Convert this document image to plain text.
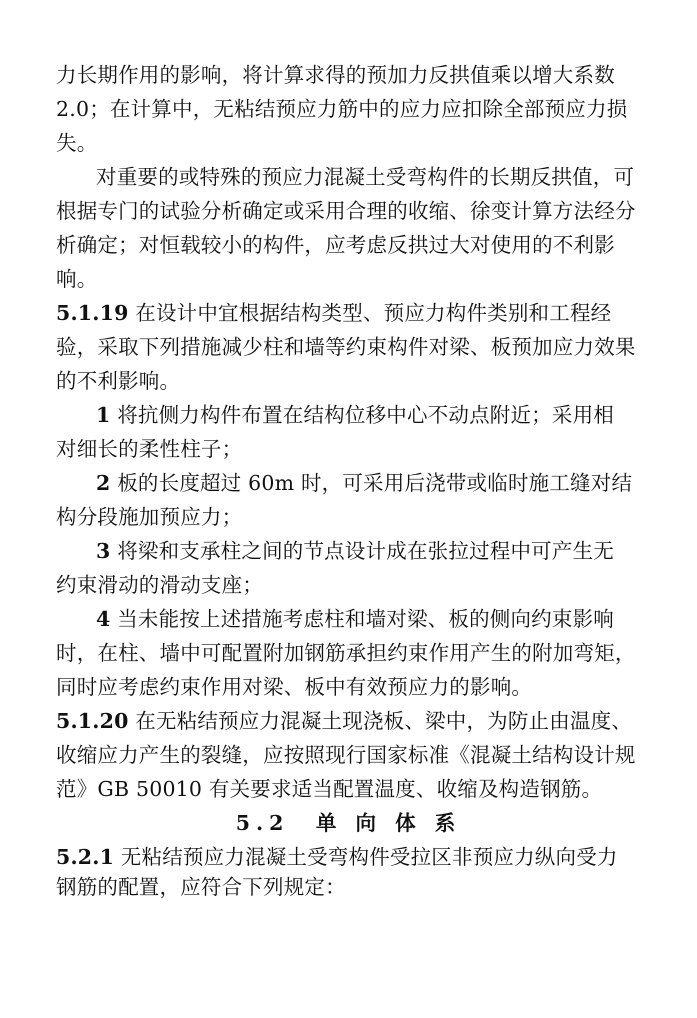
力长期作用的影响，将计算求得的预加力反拱值乘以增大系数
2.0；在计算中，无粘结预应力筋中的应力应扣除全部预应力损
失。
对重要的或特殊的预应力混凝土受弯构件的长期反拱值，可
根据专门的试验分析确定或采用合理的收缩、徐变计算方法经分
析确定；对恒载较小的构件，应考虑反拱过大对使用的不利影
响。
5.1.19 在设计中宜根据结构类型、预应力构件类别和工程经
验，采取下列措施减少柱和墙等约束构件对梁、板预加应力效果
的不利影响。
1 将抗侧力构件布置在结构位移中心不动点附近；采用相
对细长的柔性柱子；
2 板的长度超过 60m 时，可采用后浇带或临时施工缝对结
构分段施加预应力；
3 将梁和支承柱之间的节点设计成在张拉过程中可产生无
约束滑动的滑动支座；
4 当未能按上述措施考虑柱和墙对梁、板的侧向约束影响
时，在柱、墙中可配置附加钢筋承担约束作用产生的附加弯矩，
同时应考虑约束作用对梁、板中有效预应力的影响。
5.1.20 在无粘结预应力混凝土现浇板、梁中，为防止由温度、
收缩应力产生的裂缝，应按照现行国家标准《混凝土结构设计规
范》GB 50010 有关要求适当配置温度、收缩及构造钢筋。
5.2　单 向 体 系
5.2.1 无粘结预应力混凝土受弯构件受拉区非预应力纵向受力
钢筋的配置，应符合下列规定：
